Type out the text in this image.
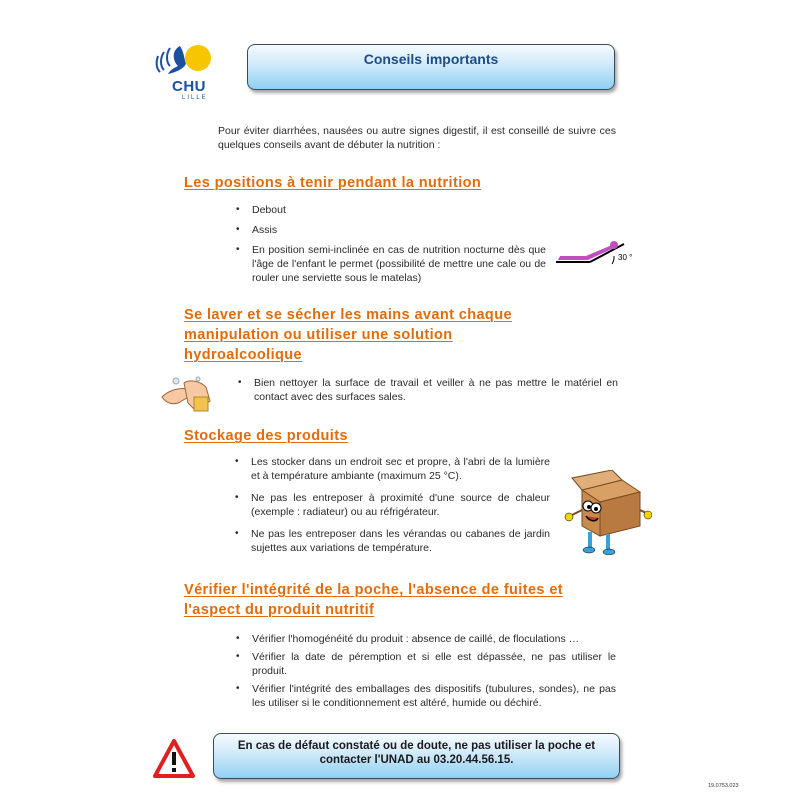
CHU
LILLE
Conseils importants
Pour éviter diarrhées, nausées ou autre signes digestif, il est conseillé de suivre ces quelques conseils avant de débuter la nutrition :
Les positions à tenir pendant la nutrition
• Debout
• Assis
• En position semi-inclinée en cas de nutrition nocturne dès que l'âge de l'enfant le permet (possibilité de mettre une cale ou de rouler une serviette sous le matelas)
30 °
Se laver et se sécher les mains avant chaque
manipulation ou utiliser une solution
hydroalcoolique
• Bien nettoyer la surface de travail et veiller à ne pas mettre le matériel en contact avec des surfaces sales.
Stockage des produits
• Les stocker dans un endroit sec et propre, à l'abri de la lumière et à température ambiante (maximum 25 °C).
• Ne pas les entreposer à proximité d'une source de chaleur (exemple : radiateur) ou au réfrigérateur.
• Ne pas les entreposer dans les vérandas ou cabanes de jardin sujettes aux variations de température.
Vérifier l'intégrité de la poche, l'absence de fuites et
l'aspect du produit nutritif
• Vérifier l'homogénéité du produit : absence de caillé, de floculations …
• Vérifier la date de péremption et si elle est dépassée, ne pas utiliser le produit.
• Vérifier l'intégrité des emballages des dispositifs (tubulures, sondes), ne pas les utiliser si le conditionnement est altéré, humide ou déchiré.
En cas de défaut constaté ou de doute, ne pas utiliser la poche et
contacter l'UNAD au 03.20.44.56.15.
19.0753.023
